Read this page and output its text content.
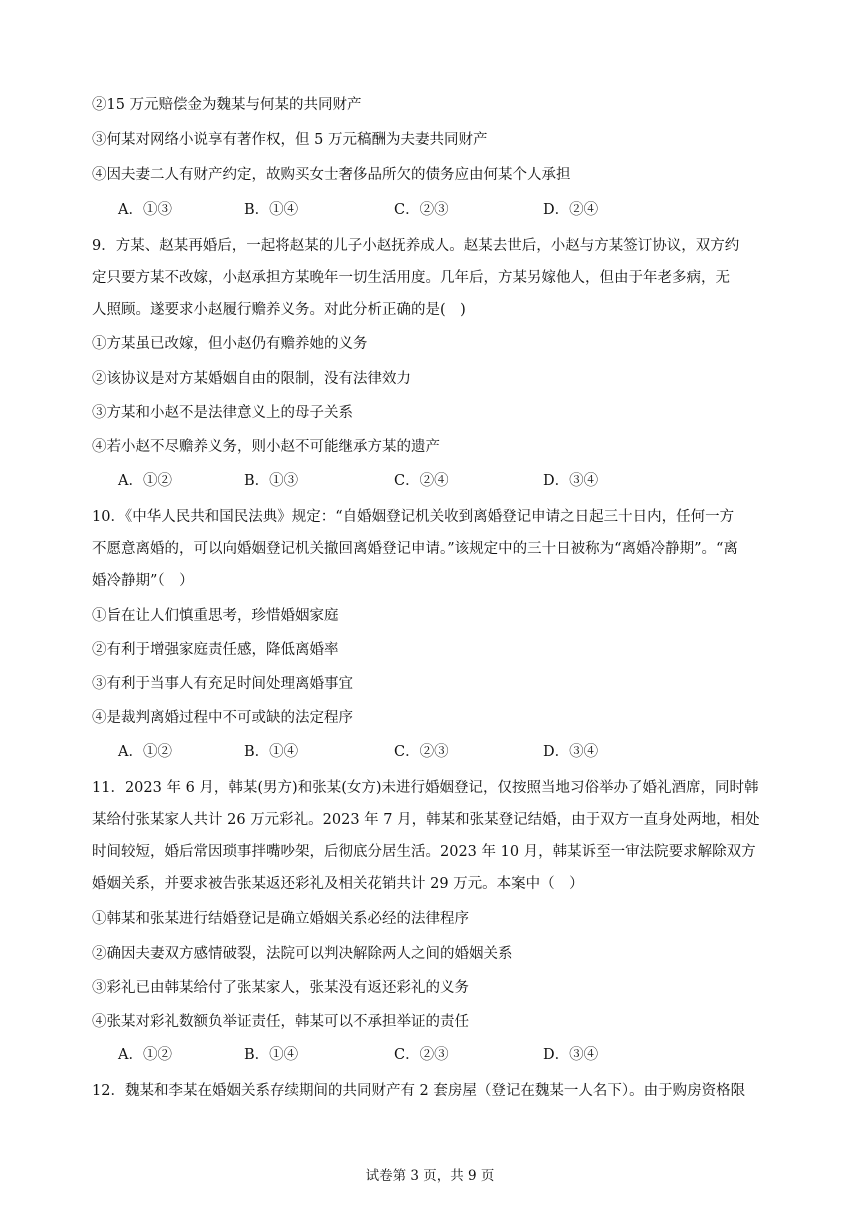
②15 万元赔偿金为魏某与何某的共同财产
③何某对网络小说享有著作权，但 5 万元稿酬为夫妻共同财产
④因夫妻二人有财产约定，故购买女士奢侈品所欠的债务应由何某个人承担
A．①③	B．①④	C．②③	D．②④
9．方某、赵某再婚后，一起将赵某的儿子小赵抚养成人。赵某去世后，小赵与方某签订协议，双方约
定只要方某不改嫁，小赵承担方某晚年一切生活用度。几年后，方某另嫁他人，但由于年老多病，无
人照顾。遂要求小赵履行赡养义务。对此分析正确的是(　)
①方某虽已改嫁，但小赵仍有赡养她的义务
②该协议是对方某婚姻自由的限制，没有法律效力
③方某和小赵不是法律意义上的母子关系
④若小赵不尽赡养义务，则小赵不可能继承方某的遗产
A．①②	B．①③	C．②④	D．③④
10．《中华人民共和国民法典》规定：“自婚姻登记机关收到离婚登记申请之日起三十日内，任何一方
不愿意离婚的，可以向婚姻登记机关撤回离婚登记申请。”该规定中的三十日被称为“离婚冷静期”。“离
婚冷静期”（　）
①旨在让人们慎重思考，珍惜婚姻家庭
②有利于增强家庭责任感，降低离婚率
③有利于当事人有充足时间处理离婚事宜
④是裁判离婚过程中不可或缺的法定程序
A．①②	B．①④	C．②③	D．③④
11．2023 年 6 月，韩某(男方)和张某(女方)未进行婚姻登记，仅按照当地习俗举办了婚礼酒席，同时韩
某给付张某家人共计 26 万元彩礼。2023 年 7 月，韩某和张某登记结婚，由于双方一直身处两地，相处
时间较短，婚后常因琐事拌嘴吵架，后彻底分居生活。2023 年 10 月，韩某诉至一审法院要求解除双方
婚姻关系，并要求被告张某返还彩礼及相关花销共计 29 万元。本案中（　）
①韩某和张某进行结婚登记是确立婚姻关系必经的法律程序
②确因夫妻双方感情破裂，法院可以判决解除两人之间的婚姻关系
③彩礼已由韩某给付了张某家人，张某没有返还彩礼的义务
④张某对彩礼数额负举证责任，韩某可以不承担举证的责任
A．①②	B．①④	C．②③	D．③④
12．魏某和李某在婚姻关系存续期间的共同财产有 2 套房屋（登记在魏某一人名下）。由于购房资格限
试卷第 3 页，共 9 页
